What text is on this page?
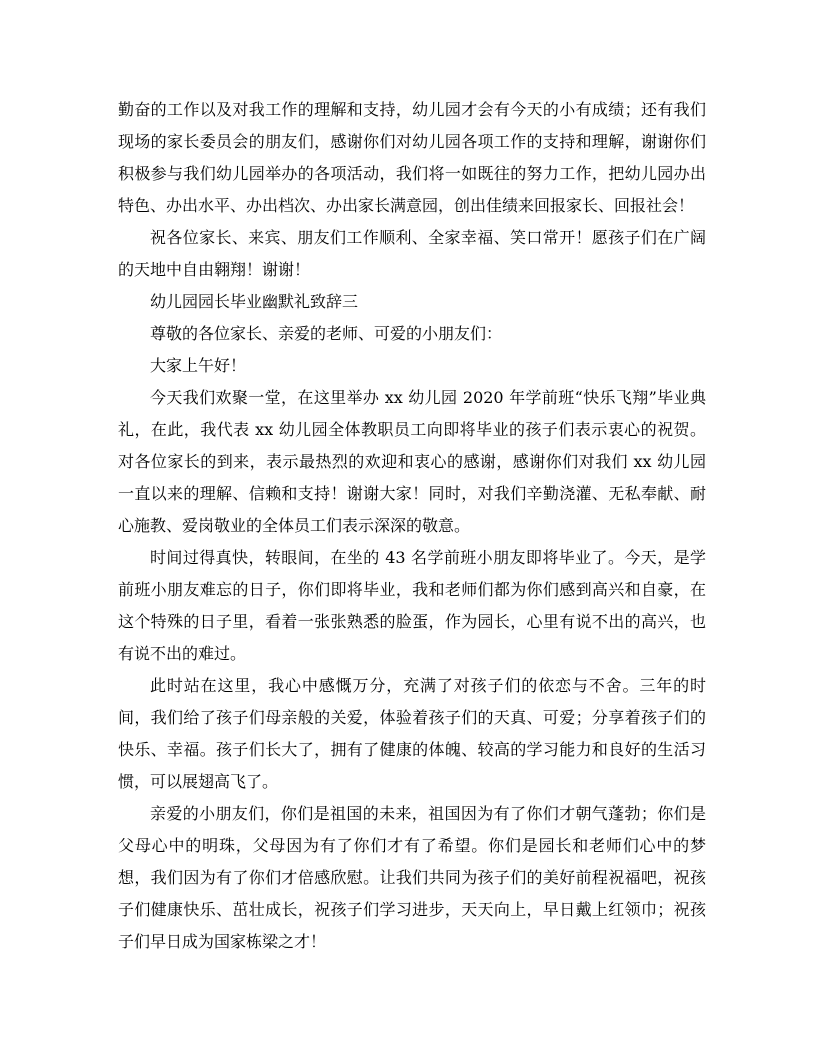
勤奋的工作以及对我工作的理解和支持，幼儿园才会有今天的小有成绩；还有我们现场的家长委员会的朋友们，感谢你们对幼儿园各项工作的支持和理解，谢谢你们积极参与我们幼儿园举办的各项活动，我们将一如既往的努力工作，把幼儿园办出特色、办出水平、办出档次、办出家长满意园，创出佳绩来回报家长、回报社会！

祝各位家长、来宾、朋友们工作顺利、全家幸福、笑口常开！愿孩子们在广阔的天地中自由翱翔！谢谢！

幼儿园园长毕业幽默礼致辞三

尊敬的各位家长、亲爱的老师、可爱的小朋友们：

大家上午好！

今天我们欢聚一堂，在这里举办 xx 幼儿园 2020 年学前班“快乐飞翔”毕业典礼，在此，我代表 xx 幼儿园全体教职员工向即将毕业的孩子们表示衷心的祝贺。对各位家长的到来，表示最热烈的欢迎和衷心的感谢，感谢你们对我们 xx 幼儿园一直以来的理解、信赖和支持！谢谢大家！同时，对我们辛勤浇灌、无私奉献、耐心施教、爱岗敬业的全体员工们表示深深的敬意。

时间过得真快，转眼间，在坐的 43 名学前班小朋友即将毕业了。今天，是学前班小朋友难忘的日子，你们即将毕业，我和老师们都为你们感到高兴和自豪，在这个特殊的日子里，看着一张张熟悉的脸蛋，作为园长，心里有说不出的高兴，也有说不出的难过。

此时站在这里，我心中感慨万分，充满了对孩子们的依恋与不舍。三年的时间，我们给了孩子们母亲般的关爱，体验着孩子们的天真、可爱；分享着孩子们的快乐、幸福。孩子们长大了，拥有了健康的体魄、较高的学习能力和良好的生活习惯，可以展翅高飞了。

亲爱的小朋友们，你们是祖国的未来，祖国因为有了你们才朝气蓬勃；你们是父母心中的明珠，父母因为有了你们才有了希望。你们是园长和老师们心中的梦想，我们因为有了你们才倍感欣慰。让我们共同为孩子们的美好前程祝福吧，祝孩子们健康快乐、茁壮成长，祝孩子们学习进步，天天向上，早日戴上红领巾；祝孩子们早日成为国家栋梁之才！
